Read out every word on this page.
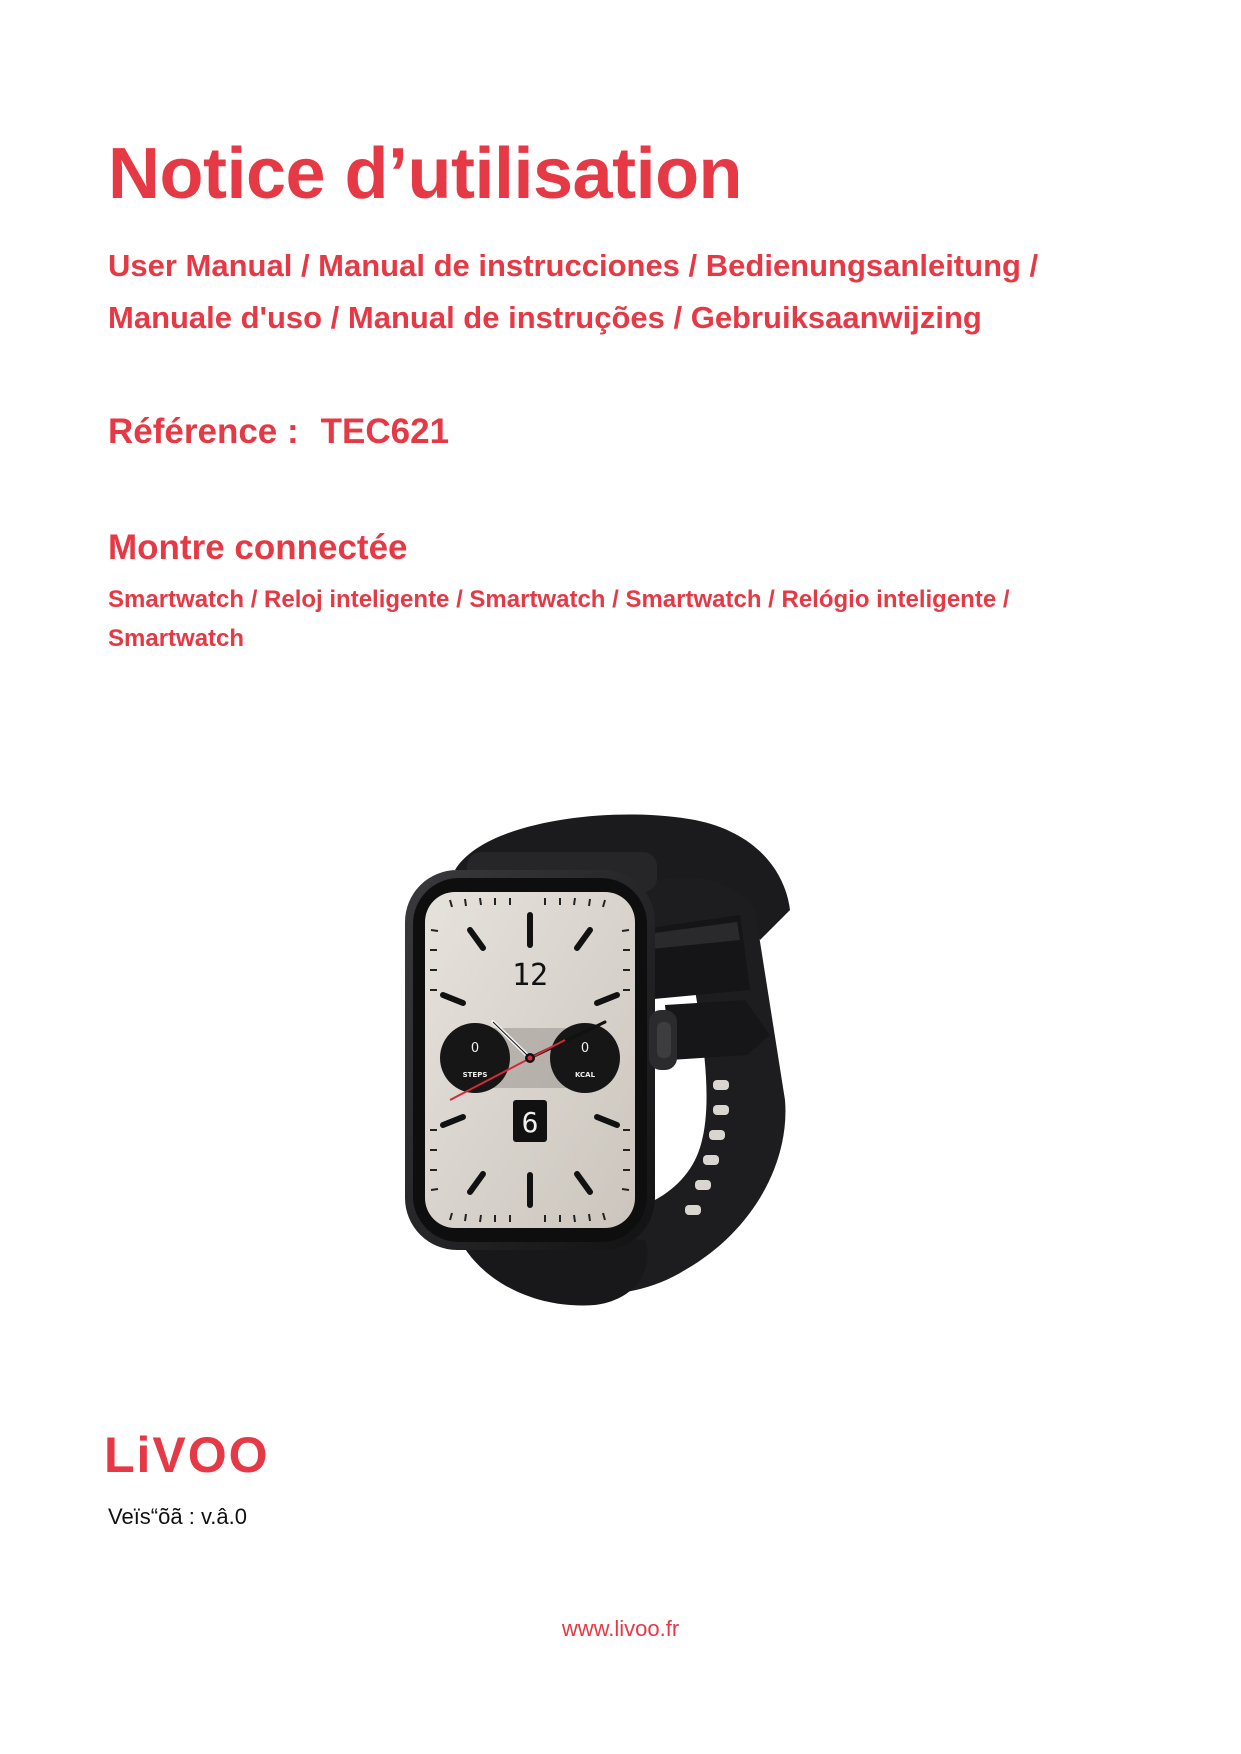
Notice d’utilisation

User Manual / Manual de instrucciones / Bedienungsanleitung / Manuale d'uso / Manual de instruções / Gebruiksaanwijzing

Référence : TEC621
Montre connectée

Smartwatch / Reloj inteligente / Smartwatch / Smartwatch / Relógio inteligente / Smartwatch

12
0
STEPS
0
KCAL
6
LiVOO
Veïs“õã : v.â.0
www.livoo.fr
